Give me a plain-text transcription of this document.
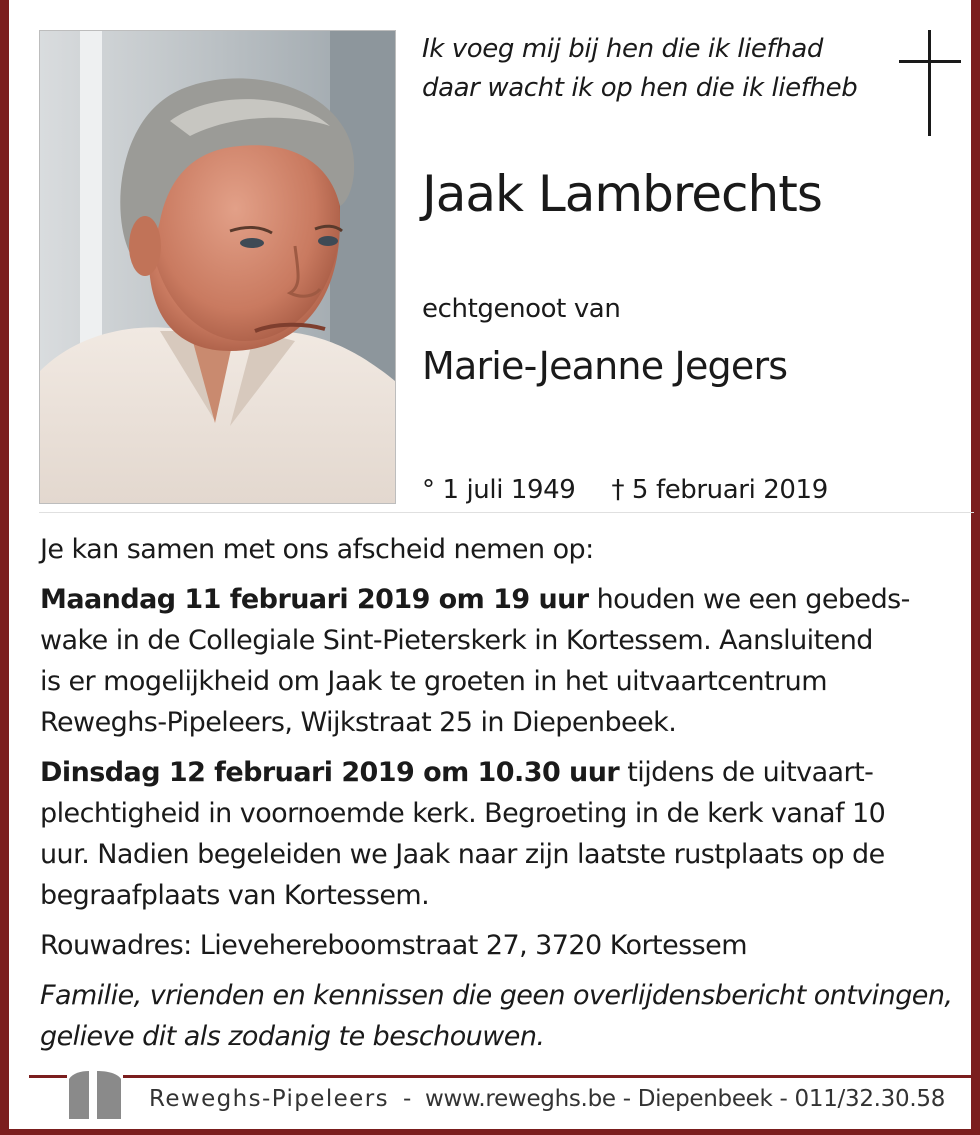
Ik voeg mij bij hen die ik liefhad
daar wacht ik op hen die ik liefheb
Jaak Lambrechts
echtgenoot van
Marie-Jeanne Jegers
° 1 juli 1949 † 5 februari 2019

Je kan samen met ons afscheid nemen op:

Maandag 11 februari 2019 om 19 uur houden we een gebeds-

wake in de Collegiale Sint-Pieterskerk in Kortessem. Aansluitend

is er mogelijkheid om Jaak te groeten in het uitvaartcentrum

Reweghs-Pipeleers, Wijkstraat 25 in Diepenbeek.

Dinsdag 12 februari 2019 om 10.30 uur tijdens de uitvaart-

plechtigheid in voornoemde kerk. Begroeting in de kerk vanaf 10

uur. Nadien begeleiden we Jaak naar zijn laatste rustplaats op de

begraafplaats van Kortessem.

Rouwadres: Lievehereboomstraat 27, 3720 Kortessem

Familie, vrienden en kennissen die geen overlijdensbericht ontvingen,

gelieve dit als zodanig te beschouwen.

Reweghs-Pipeleers  -  www.reweghs.be - Diepenbeek - 011/32.30.58
